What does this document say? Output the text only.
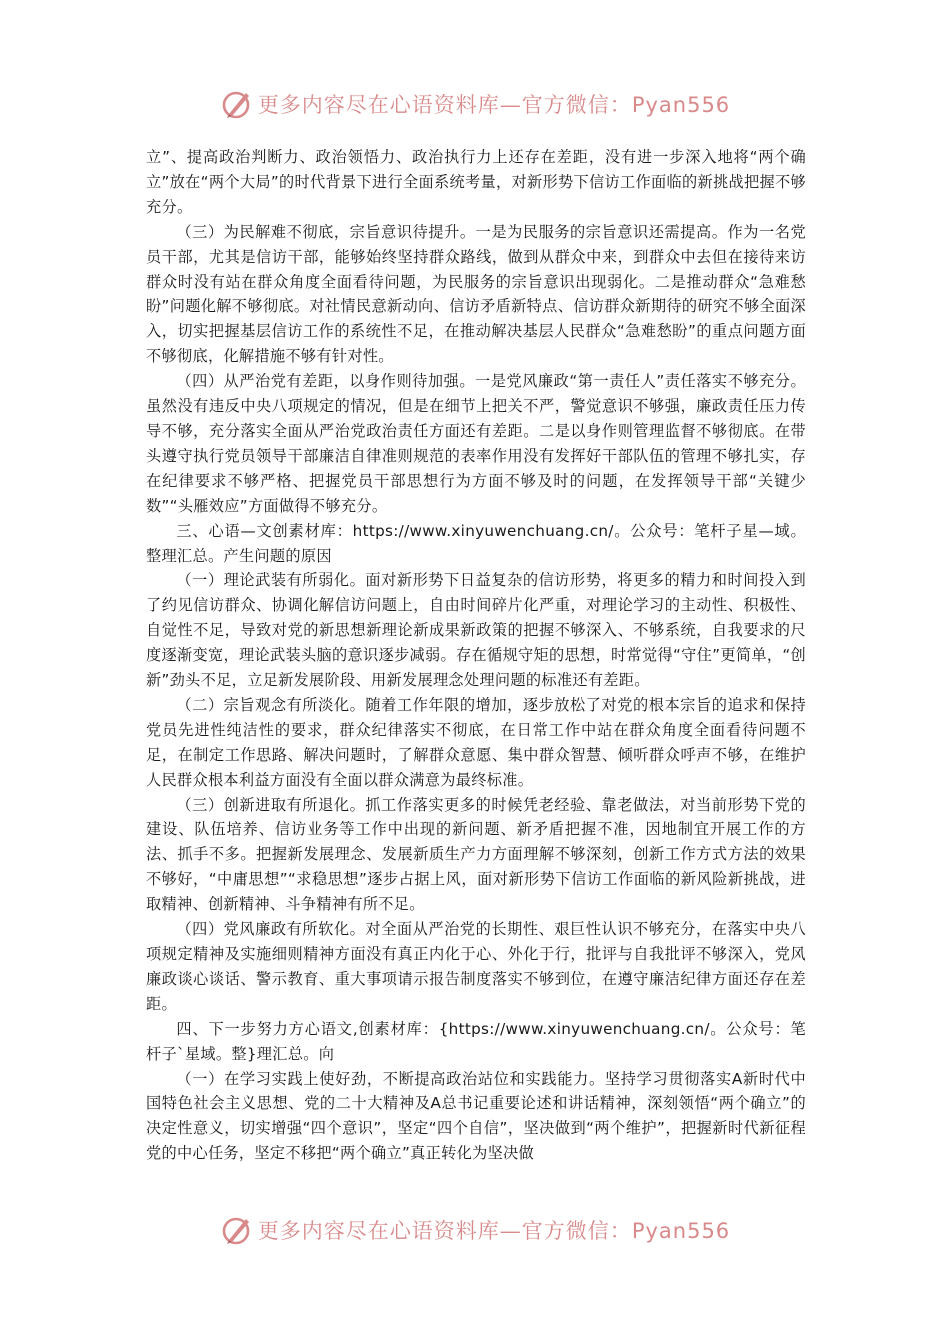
更多内容尽在心语资料库—官方微信：Pyan556

立”、提高政治判断力、政治领悟力、政治执行力上还存在差距，没有进一步深入地将“两个确立”放在“两个大局”的时代背景下进行全面系统考量，对新形势下信访工作面临的新挑战把握不够充分。

（三）为民解难不彻底，宗旨意识待提升。一是为民服务的宗旨意识还需提高。作为一名党员干部，尤其是信访干部，能够始终坚持群众路线，做到从群众中来，到群众中去但在接待来访群众时没有站在群众角度全面看待问题，为民服务的宗旨意识出现弱化。二是推动群众“急难愁盼”问题化解不够彻底。对社情民意新动向、信访矛盾新特点、信访群众新期待的研究不够全面深入，切实把握基层信访工作的系统性不足，在推动解决基层人民群众“急难愁盼”的重点问题方面不够彻底，化解措施不够有针对性。

（四）从严治党有差距，以身作则待加强。一是党风廉政“第一责任人”责任落实不够充分。虽然没有违反中央八项规定的情况，但是在细节上把关不严，警觉意识不够强，廉政责任压力传导不够，充分落实全面从严治党政治责任方面还有差距。二是以身作则管理监督不够彻底。在带头遵守执行党员领导干部廉洁自律准则规范的表率作用没有发挥好干部队伍的管理不够扎实，存在纪律要求不够严格、把握党员干部思想行为方面不够及时的问题，在发挥领导干部“关键少数”“头雁效应”方面做得不够充分。

三、心语—文创素材库：https://www.xinyuwenchuang.cn/。公众号：笔杆子星—域。整理汇总。产生问题的原因

（一）理论武装有所弱化。面对新形势下日益复杂的信访形势，将更多的精力和时间投入到了约见信访群众、协调化解信访问题上，自由时间碎片化严重，对理论学习的主动性、积极性、自觉性不足，导致对党的新思想新理论新成果新政策的把握不够深入、不够系统，自我要求的尺度逐渐变宽，理论武装头脑的意识逐步减弱。存在循规守矩的思想，时常觉得“守住”更简单，“创新”劲头不足，立足新发展阶段、用新发展理念处理问题的标准还有差距。

（二）宗旨观念有所淡化。随着工作年限的增加，逐步放松了对党的根本宗旨的追求和保持党员先进性纯洁性的要求，群众纪律落实不彻底，在日常工作中站在群众角度全面看待问题不足，在制定工作思路、解决问题时，了解群众意愿、集中群众智慧、倾听群众呼声不够，在维护人民群众根本利益方面没有全面以群众满意为最终标准。

（三）创新进取有所退化。抓工作落实更多的时候凭老经验、靠老做法，对当前形势下党的建设、队伍培养、信访业务等工作中出现的新问题、新矛盾把握不准，因地制宜开展工作的方法、抓手不多。把握新发展理念、发展新质生产力方面理解不够深刻，创新工作方式方法的效果不够好，“中庸思想”“求稳思想”逐步占据上风，面对新形势下信访工作面临的新风险新挑战，进取精神、创新精神、斗争精神有所不足。

（四）党风廉政有所软化。对全面从严治党的长期性、艰巨性认识不够充分，在落实中央八项规定精神及实施细则精神方面没有真正内化于心、外化于行，批评与自我批评不够深入，党风廉政谈心谈话、警示教育、重大事项请示报告制度落实不够到位，在遵守廉洁纪律方面还存在差距。

四、下一步努力方心语文,创素材库：{https://www.xinyuwenchuang.cn/。公众号：笔杆子`星域。整}理汇总。向

（一）在学习实践上使好劲，不断提高政治站位和实践能力。坚持学习贯彻落实A新时代中国特色社会主义思想、党的二十大精神及A总书记重要论述和讲话精神，深刻领悟“两个确立”的决定性意义，切实增强“四个意识”，坚定“四个自信”，坚决做到“两个维护”，把握新时代新征程党的中心任务，坚定不移把“两个确立”真正转化为坚决做

更多内容尽在心语资料库—官方微信：Pyan556
